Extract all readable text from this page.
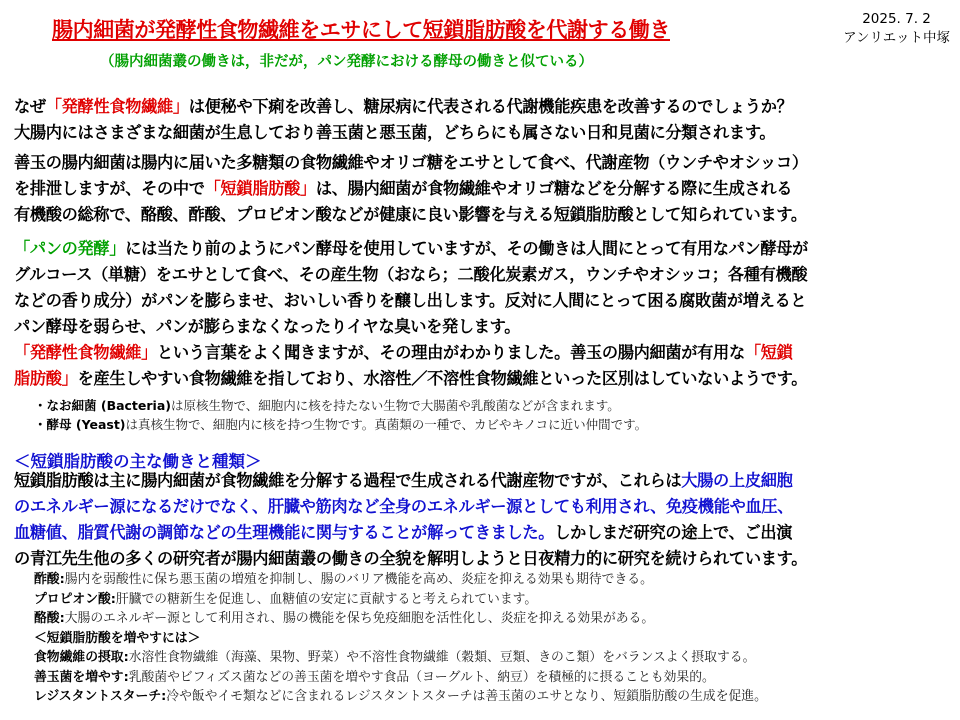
腸内細菌が発酵性食物繊維をエサにして短鎖脂肪酸を代謝する働き
（腸内細菌叢の働きは，非だが，パン発酵における酵母の働きと似ている）
2025. 7. 2
アンリエット中塚
なぜ「発酵性食物繊維」は便秘や下痢を改善し、糖尿病に代表される代謝機能疾患を改善するのでしょうか？
大腸内にはさまざまな細菌が生息しており善玉菌と悪玉菌，どちらにも属さない日和見菌に分類されます。
善玉の腸内細菌は腸内に届いた多糖類の食物繊維やオリゴ糖をエサとして食べ、代謝産物（ウンチやオシッコ）
を排泄しますが、その中で「短鎖脂肪酸」は、腸内細菌が食物繊維やオリゴ糖などを分解する際に生成される
有機酸の総称で、酪酸、酢酸、プロピオン酸などが健康に良い影響を与える短鎖脂肪酸として知られています。
「パンの発酵」には当たり前のようにパン酵母を使用していますが、その働きは人間にとって有用なパン酵母が
グルコース（単糖）をエサとして食べ、その産生物（おなら；二酸化炭素ガス，ウンチやオシッコ；各種有機酸
などの香り成分）がパンを膨らませ、おいしい香りを醸し出します。反対に人間にとって困る腐敗菌が増えると
パン酵母を弱らせ、パンが膨らまなくなったりイヤな臭いを発します。
「発酵性食物繊維」という言葉をよく聞きますが、その理由がわかりました。善玉の腸内細菌が有用な「短鎖
脂肪酸」を産生しやすい食物繊維を指しており、水溶性／不溶性食物繊維といった区別はしていないようです。
・なお細菌 (Bacteria)は原核生物で、細胞内に核を持たない生物で大腸菌や乳酸菌などが含まれます。
・酵母 (Yeast)は真核生物で、細胞内に核を持つ生物です。真菌類の一種で、カビやキノコに近い仲間です。
＜短鎖脂肪酸の主な働きと種類＞
短鎖脂肪酸は主に腸内細菌が食物繊維を分解する過程で生成される代謝産物ですが、これらは大腸の上皮細胞
のエネルギー源になるだけでなく、肝臓や筋肉など全身のエネルギー源としても利用され、免疫機能や血圧、
血糖値、脂質代謝の調節などの生理機能に関与することが解ってきました。しかしまだ研究の途上で、ご出演
の青江先生他の多くの研究者が腸内細菌叢の働きの全貌を解明しようと日夜精力的に研究を続けられています。
酢酸:腸内を弱酸性に保ち悪玉菌の増殖を抑制し、腸のバリア機能を高め、炎症を抑える効果も期待できる。
プロピオン酸:肝臓での糖新生を促進し、血糖値の安定に貢献すると考えられています。
酪酸:大腸のエネルギー源として利用され、腸の機能を保ち免疫細胞を活性化し、炎症を抑える効果がある。
＜短鎖脂肪酸を増やすには＞
食物繊維の摂取:水溶性食物繊維（海藻、果物、野菜）や不溶性食物繊維（穀類、豆類、きのこ類）をバランスよく摂取する。
善玉菌を増やす:乳酸菌やビフィズス菌などの善玉菌を増やす食品（ヨーグルト、納豆）を積極的に摂ることも効果的。
レジスタントスターチ:冷や飯やイモ類などに含まれるレジスタントスターチは善玉菌のエサとなり、短鎖脂肪酸の生成を促進。
